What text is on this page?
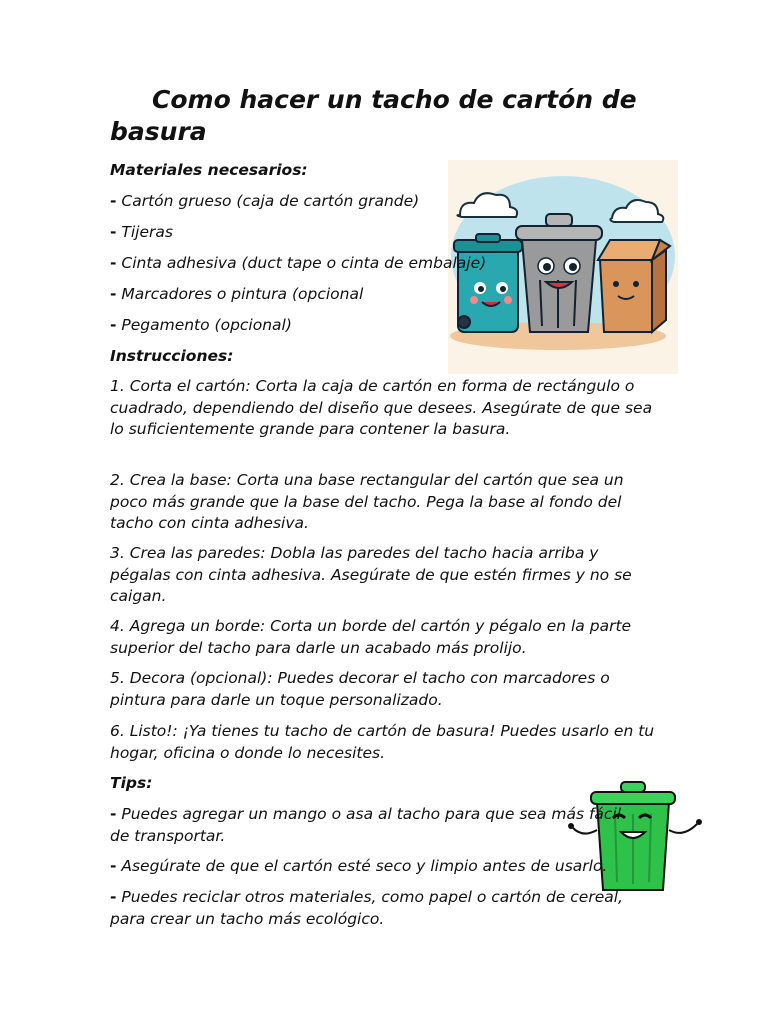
Como hacer un tacho de cartón de basura

Materiales necesarios:

- Cartón grueso (caja de cartón grande)

- Tijeras

- Cinta adhesiva (duct tape o cinta de embalaje)

- Marcadores o pintura (opcional

- Pegamento (opcional)

Instrucciones:

1. Corta el cartón: Corta la caja de cartón en forma de rectángulo o cuadrado, dependiendo del diseño que desees. Asegúrate de que sea lo suficientemente grande para contener la basura.

2. Crea la base: Corta una base rectangular del cartón que sea un poco más grande que la base del tacho. Pega la base al fondo del tacho con cinta adhesiva.

3. Crea las paredes: Dobla las paredes del tacho hacia arriba y pégalas con cinta adhesiva. Asegúrate de que estén firmes y no se caigan.

4. Agrega un borde: Corta un borde del cartón y pégalo en la parte superior del tacho para darle un acabado más prolijo.

5. Decora (opcional): Puedes decorar el tacho con marcadores o pintura para darle un toque personalizado.

6. Listo!: ¡Ya tienes tu tacho de cartón de basura! Puedes usarlo en tu hogar, oficina o donde lo necesites.

Tips:

- Puedes agregar un mango o asa al tacho para que sea más fácil de transportar.

- Asegúrate de que el cartón esté seco y limpio antes de usarlo.

- Puedes reciclar otros materiales, como papel o cartón de cereal, para crear un tacho más ecológico.
